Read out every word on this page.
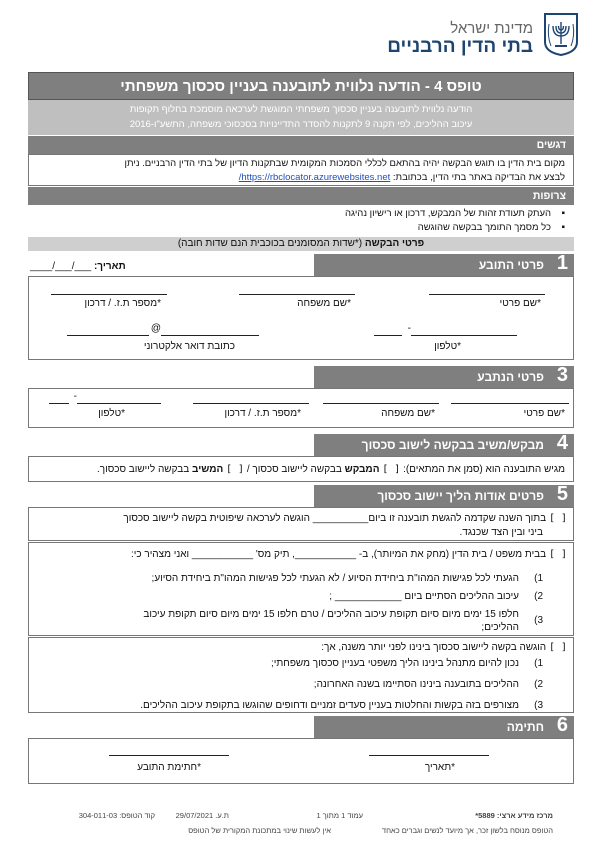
מדינת ישראל
בתי הדין הרבניים
טופס 4 - הודעה נלווית לתובענה בעניין סכסוך משפחתי
הודעה נלווית לתובענה בעניין סכסוך משפחתי המוגשת לערכאה מוסמכת בחלוף תקופות
עיכוב ההליכים, לפי תקנה 9 לתקנות להסדר התדיינויות בסכסוכי משפחה, התשע"ו-2016
דגשים
מקום בית הדין בו תוגש הבקשה יהיה בהתאם לכללי הסמכות המקומית שבתקנות הדיון של בתי הדין הרבניים. ניתן
לבצע את הבדיקה באתר בתי הדין, בכתובת: https://rbclocator.azurewebsites.net/
צרופות
▪ העתק תעודת זהות של המבקש, דרכון או רישיון נהיגה
▪ כל מסמך התומך בבקשה שהוגשה
פרטי הבקשה (*שדות המסומנים בכוכבית הנם שדות חובה)
תאריך: ___/___/____	1
פרטי התובע
*שם פרטי
*שם משפחה
*מספר ת.ז. / דרכון
-
@
*טלפון
כתובת דואר אלקטרוני
3
פרטי הנתבע
-
*שם פרטי
*שם משפחה
*מספר ת.ז. / דרכון
*טלפון
4
מבקש/משיב בבקשה לישוב סכסוך
מגיש התובענה הוא (סמן את המתאים): [ ] המבקש בבקשה ליישוב סכסוך / [ ] המשיב בבקשה ליישוב סכסוך.
5
פרטים אודות הליך יישוב סכסוך
[ ] בתוך השנה שקדמה להגשת תובענה זו ביום__________ הוגשה לערכאה שיפוטית בקשה ליישוב סכסוך
ביני ובין הצד שכנגד.
[ ] בבית משפט / בית הדין (מחק את המיותר), ב- ___________, תיק מס' ___________ ואני מצהיר כי:
1)
הגעתי לכל פגישות המהו"ת ביחידת הסיוע / לא הגעתי לכל פגישות המהו"ת ביחידת הסיוע;
2)
עיכוב ההליכים הסתיים ביום ____________ ;
3)
חלפו 15 ימים מיום סיום תקופת עיכוב ההליכים / טרם חלפו 15 ימים מיום סיום תקופת עיכוב
ההליכים;
[ ] הוגשה בקשה ליישוב סכסוך בינינו לפני יותר משנה, אך:
1)
נכון להיום מתנהל בינינו הליך משפטי בעניין סכסוך משפחתי;
2)
ההליכים בתובענה בינינו הסתיימו בשנה האחרונה;
3)
מצורפים בזה בקשות והחלטות בעניין סעדים זמניים ודחופים שהוגשו בתקופת עיכוב ההליכים.
6
חתימה
*תאריך
*חתימת התובע
מרכז מידע ארצי: 5889*
עמוד 1 מתוך 1
ת.ע. 29/07/2021
קוד הטופס: 304-011-03
הטופס מנוסח בלשון זכר, אך מיועד לנשים וגברים כאחד
אין לעשות שינוי במתכונת המקורית של הטופס
